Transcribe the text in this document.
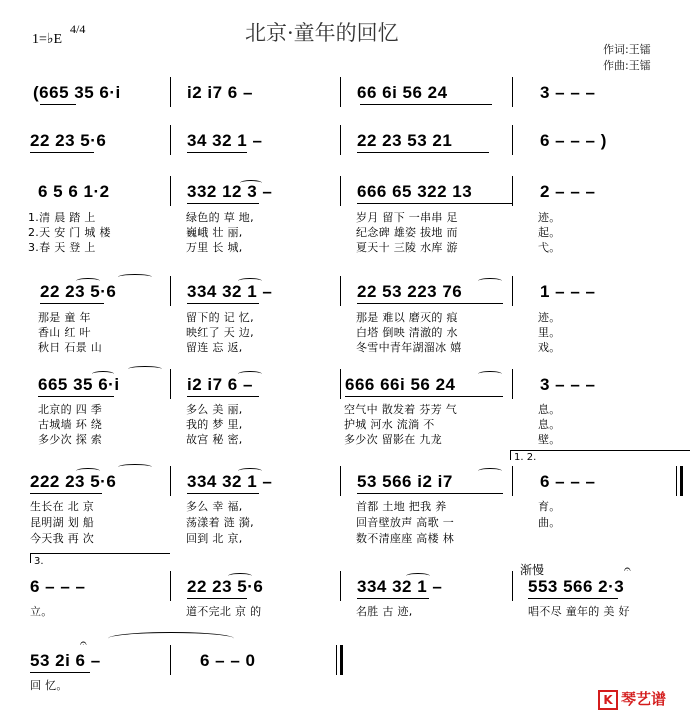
1=♭E
4/4	北京·童年的回忆
作词:王镭
作曲:王镭
(665 35 6·i	i2 i7 6 –	66 6i 56 24	3 – – –
22 23 5·6	34 32 1 –	22 23 53 21	6 – – – )
6 5 6 1·2	332 12 3 –	666 65 322 13	2 – – –
1.清 晨 踏 上	绿色的 草 地,	岁月 留下 一串串 足	迹。
2.天 安 门 城 楼	巍峨 壮 丽,	纪念碑 雄姿 拔地 而	起。
3.春 天 登 上	万里 长 城,	夏天十 三陵 水库 游	弋。
22 23 5·6	334 32 1 –	22 53 223 76	1 – – –
那是 童 年	留下的 记 忆,	那是 难以 磨灭的 痕	迹。
香山 红 叶	映红了 天 边,	白塔 倒映 清澈的 水	里。
秋日 石景 山	留连 忘 返,	冬雪中青年湖溜冰 嬉	戏。
665 35 6·i	i2 i7 6 –	666 66i 56 24	3 – – –
北京的 四 季	多么 美 丽,	空气中 散发着 芬芳 气	息。
古城墙 环 绕	我的 梦 里,	护城 河水 流淌 不	息。
多少次 探 索	故宫 秘 密,	多少次 留影在 九龙	壁。
1. 2.
222 23 5·6	334 32 1 –	53 566 i2 i7	6 – – –
生长在 北 京	多么 幸 福,	首都 土地 把我 养	育。
昆明湖 划 船	荡漾着 涟 漪,	回音壁放声 高歌 一	曲。
今天我 再 次	回到 北 京,	数不清座座 高楼 林
3.
渐慢
6 – – –	22 23 5·6	334 32 1 –	553 566 2·3
𝄐
立。	道不完北 京 的	名胜 古 迹,	唱不尽 童年的 美 好
53 2i 6 –	6 – – 0
𝄐
回 忆。
K 琴艺谱
